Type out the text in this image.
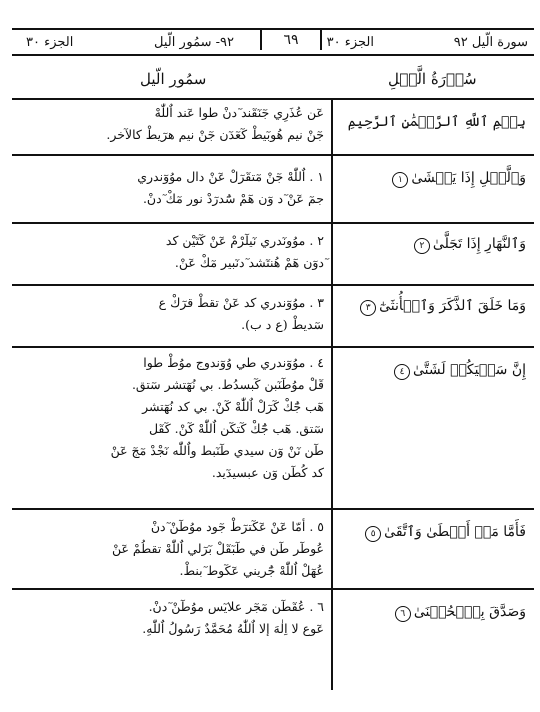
سورة الّيل ٩٢
الجزء ٣٠
٦٩
٩٢- سمُوڔ الّيل
الجزء ٣٠
سُوۡرَةُ الَّيۡلِ
سمُوڔ الّيل
بِسۡمِ ٱللَّهِ ٱلرَّحۡمَٰنِ ٱلرَّحِيمِ

عٓن عُذَرِي جٓنٓقٓند ٓدنْ طوا عٓند اٌللّٰهْ

جٓنْ نيم هُوبٓيطْ كٓعٓدٓن جٓنْ نيم هرٓيطْ كالآخر.

وَٱلَّيۡلِ إِذَا يَغۡشَىٰ١

١ . اٌللّٰهْ جٓنْ مٓتقٓرٓلْ عٓنْ دال موُوٓندري

جمٓ عٓنْ ٓد وٓن هٓمْ سُٓدرٓدْ نور مٓكْ ٓدنْ.

وَٱلنَّهَارِ إِذَا تَجَلَّىٰ٢

٢ . موُونٓدري نٓيلٓرْمْ عٓنْ كٓتٓيْن كد

ٓدوٓن هٓمْ هُنتٓشد ٓدنٓبير مٓكْ عٓنْ.

وَمَا خَلَقَ ٱلذَّكَرَ وَٱلۡأُنثَىٰٓ٣

٣ . موُوٓندري كد عٓنْ تقطْ قرٓكْ ع

سٓديطْ (ع د ب).

إِنَّ سَعۡيَكُمۡ لَشَتَّىٰ٤

٤ . موُوٓندري طي وُوٓندوج موُطْ طوا

قٓلْ موُطٓنٓبن كٓبسدُط. بي نُهٓتشر سٓتق.

هٓب جُٓكْ كٓرٓلْ اٌللّٰهْ كٓنْ. بي كد نُهٓتشر

سٓتق. هٓب جُٓكْ كٓتكٓن اٌللّٰهْ كٓنْ. كٓقٓل

طٓن نٓنْ وٓن سيدي طٓنٓبط واٌللّٰه نٓجْدْ مٓجٓ عٓنْ

كد كُطٓن وٓن عبسيدٓيد.

فَأَمَّا مَنۡ أَعۡطَىٰ وَٱتَّقَىٰ٥

٥ . أمّا عٓنْ عٓكٓترٓطْ جٓود موُطٓنْ ٓدنْ

عُوطٓر طٓن في طٓبٓقٓلْ بٓرٓلي اٌللّٰهْ تقطُمْ عٓنْ

عُهٓلْ اٌللّٰهْ جُٓريني عٓكٓوط ٓبنطْ.

وَصَدَّقَ بِٱلۡحُسۡنَىٰ٦

٦ . عُقٓطٓن مٓجٓر علايٓس موُطٓنْ ٓدنْ.

عٓوع لا اِلٰهَ إلا اٌللّٰهُ مُحَمَّدٌ رَسُولُ اٌللّٰهِ.
